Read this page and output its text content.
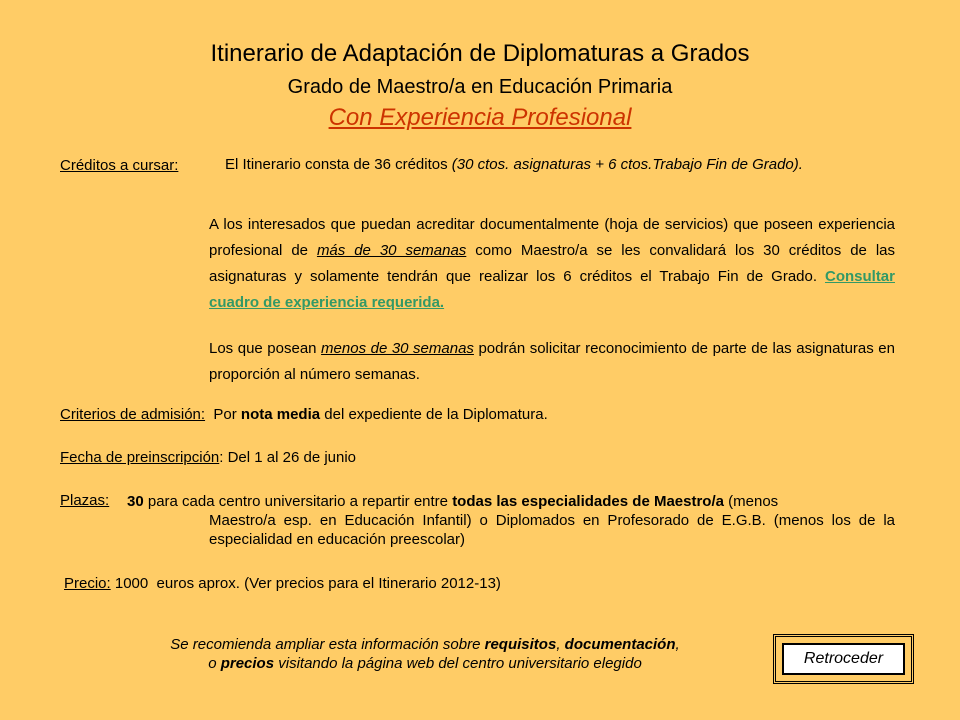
Itinerario de Adaptación de Diplomaturas a Grados
Grado de Maestro/a en Educación Primaria
Con Experiencia Profesional
Créditos a cursar:	El Itinerario consta de 36 créditos (30 ctos. asignaturas + 6 ctos.Trabajo Fin de Grado).
A los interesados que puedan acreditar documentalmente (hoja de servicios) que poseen experiencia profesional de más de 30 semanas como Maestro/a se les convalidará los 30 créditos de las asignaturas y solamente tendrán que realizar los 6 créditos el Trabajo Fin de Grado. Consultar cuadro de experiencia requerida.
Los que posean menos de 30 semanas podrán solicitar reconocimiento de parte de las asignaturas en proporción al número semanas.
Criterios de admisión:  Por nota media del expediente de la Diplomatura.
Fecha de preinscripción: Del 1 al 26 de junio
Plazas: 30 para cada centro universitario a repartir entre todas las especialidades de Maestro/a (menos
Maestro/a esp. en Educación Infantil) o Diplomados en Profesorado de E.G.B. (menos los de la especialidad en educación preescolar)
Precio: 1000  euros aprox. (Ver precios para el Itinerario 2012-13)
Se recomienda ampliar esta información sobre requisitos, documentación,
o precios visitando la página web del centro universitario elegido	Retroceder
